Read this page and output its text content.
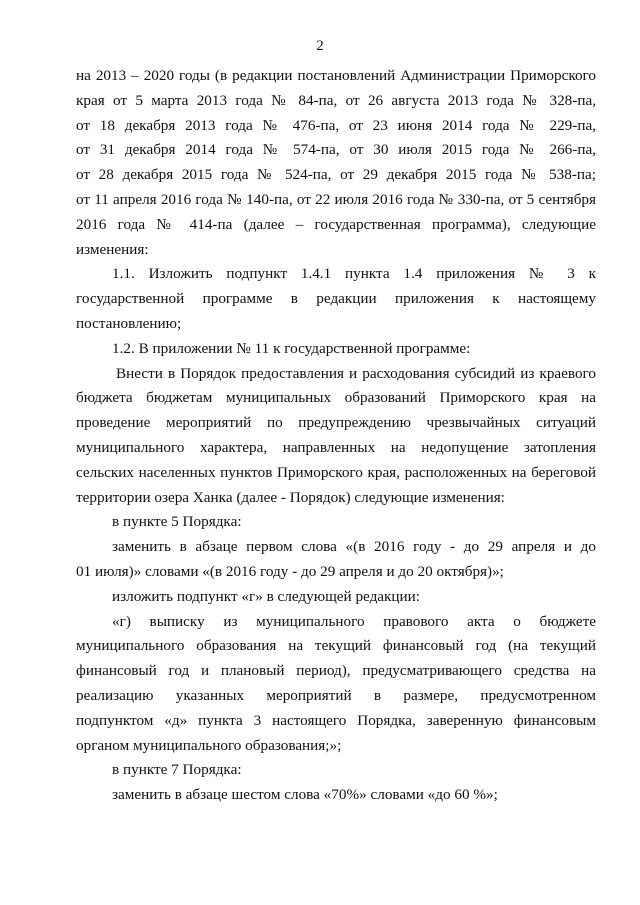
2
на 2013 – 2020 годы (в редакции постановлений Администрации Приморского
края от 5 марта 2013 года № 84-па, от 26 августа 2013 года № 328-па,
от 18 декабря 2013 года № 476-па, от 23 июня 2014 года № 229-па,
от 31 декабря 2014 года № 574-па, от 30 июля 2015 года № 266-па,
от 28 декабря 2015 года № 524-па, от 29 декабря 2015 года № 538-па;
от 11 апреля 2016 года № 140-па, от 22 июля 2016 года № 330-па, от 5 сентября
2016 года № 414-па (далее – государственная программа), следующие
изменения:
1.1. Изложить подпункт 1.4.1 пункта 1.4 приложения № 3 к
государственной программе в редакции приложения к настоящему
постановлению;
1.2. В приложении № 11 к государственной программе:
Внести в Порядок предоставления и расходования субсидий из краевого
бюджета бюджетам муниципальных образований Приморского края на
проведение мероприятий по предупреждению чрезвычайных ситуаций
муниципального характера, направленных на недопущение затопления
сельских населенных пунктов Приморского края, расположенных на береговой
территории озера Ханка (далее - Порядок) следующие изменения:
в пункте 5 Порядка:
заменить в абзаце первом слова «(в 2016 году - до 29 апреля и до
01 июля)» словами «(в 2016 году - до 29 апреля и до 20 октября)»;
изложить подпункт «г» в следующей редакции:
«г) выписку из муниципального правового акта о бюджете
муниципального образования на текущий финансовый год (на текущий
финансовый год и плановый период), предусматривающего средства на
реализацию указанных мероприятий в размере, предусмотренном
подпунктом «д» пункта 3 настоящего Порядка, заверенную финансовым
органом муниципального образования;»;
в пункте 7 Порядка:
заменить в абзаце шестом слова «70%» словами «до 60 %»;
